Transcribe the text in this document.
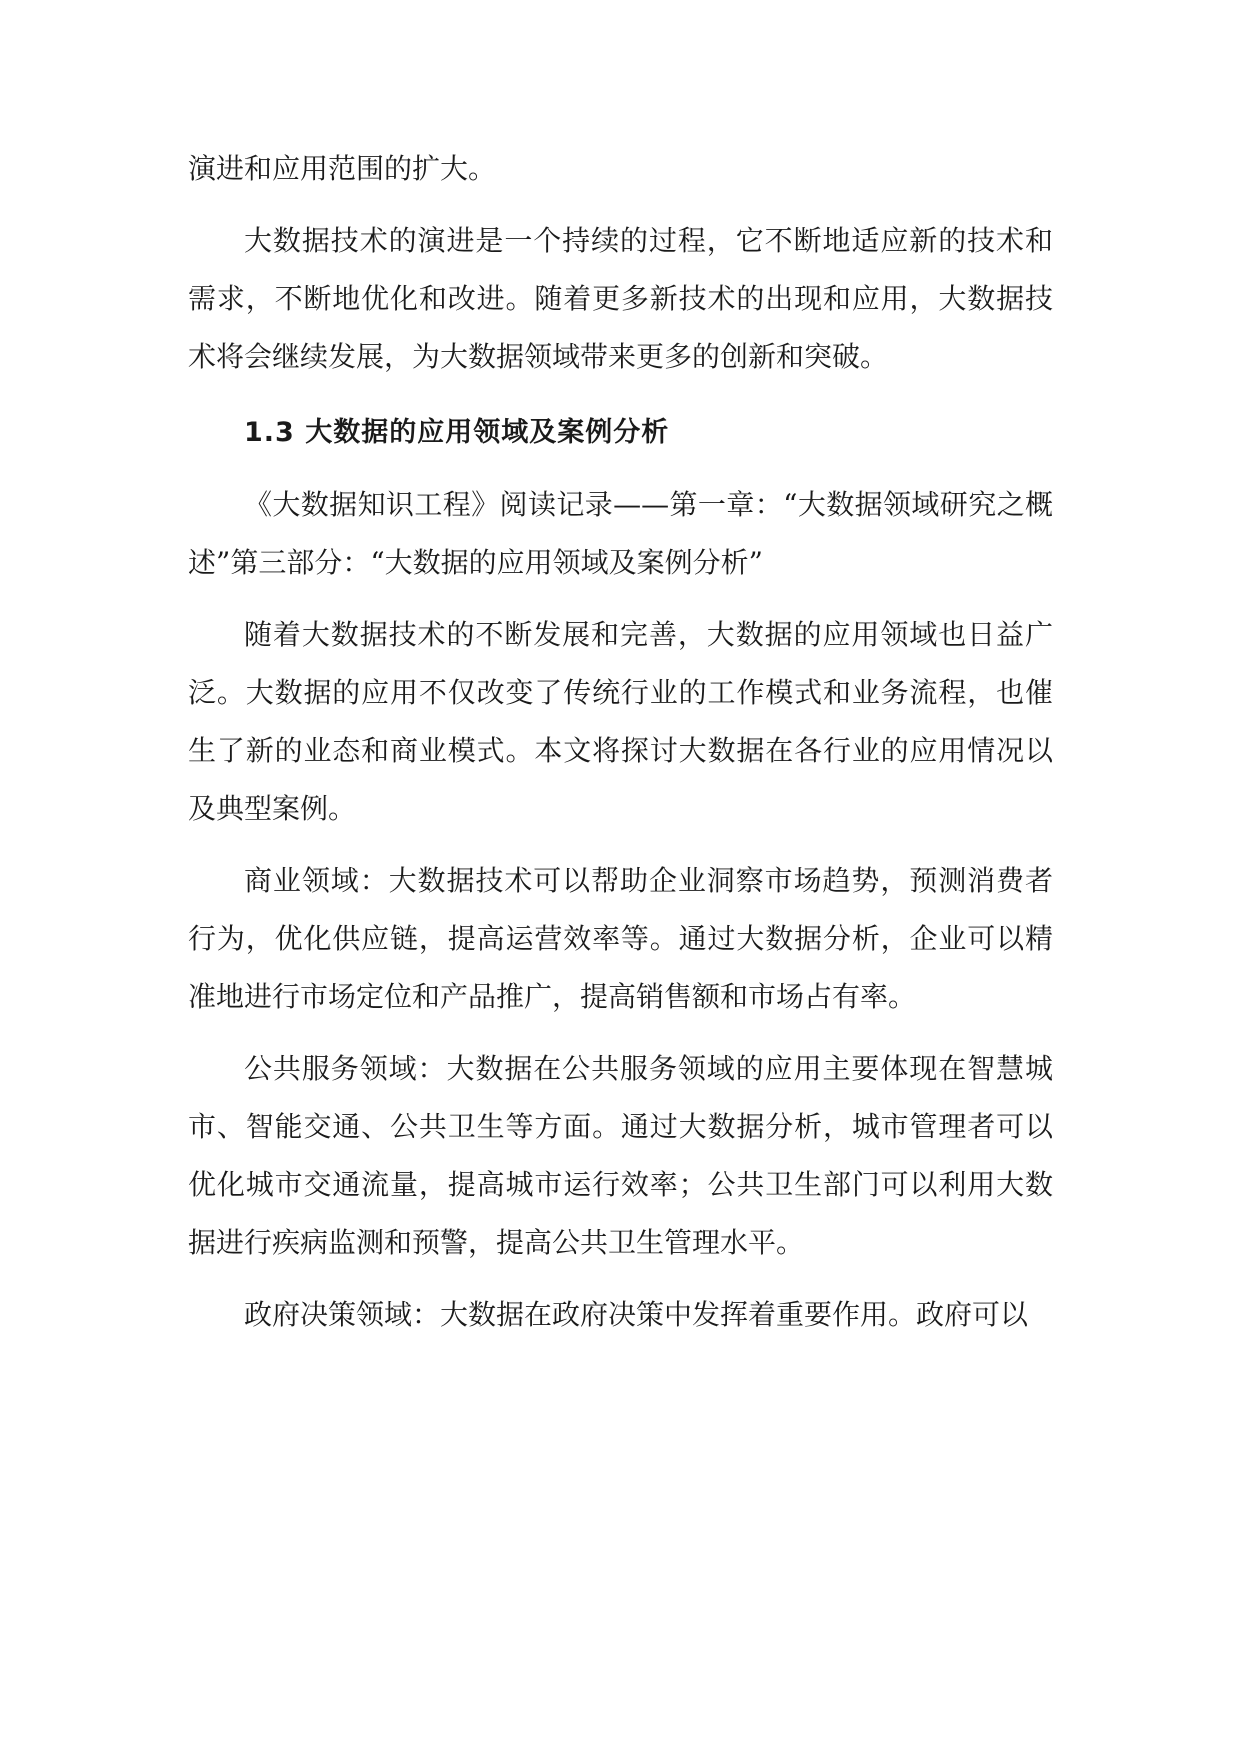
演进和应用范围的扩大。

大数据技术的演进是一个持续的过程，它不断地适应新的技术和需求，不断地优化和改进。随着更多新技术的出现和应用，大数据技术将会继续发展，为大数据领域带来更多的创新和突破。

1.3 大数据的应用领域及案例分析

《大数据知识工程》阅读记录——第一章：“大数据领域研究之概述”第三部分：“大数据的应用领域及案例分析”

随着大数据技术的不断发展和完善，大数据的应用领域也日益广泛。大数据的应用不仅改变了传统行业的工作模式和业务流程，也催生了新的业态和商业模式。本文将探讨大数据在各行业的应用情况以及典型案例。

商业领域：大数据技术可以帮助企业洞察市场趋势，预测消费者行为，优化供应链，提高运营效率等。通过大数据分析，企业可以精准地进行市场定位和产品推广，提高销售额和市场占有率。

公共服务领域：大数据在公共服务领域的应用主要体现在智慧城市、智能交通、公共卫生等方面。通过大数据分析，城市管理者可以优化城市交通流量，提高城市运行效率；公共卫生部门可以利用大数据进行疾病监测和预警，提高公共卫生管理水平。

政府决策领域：大数据在政府决策中发挥着重要作用。政府可以
